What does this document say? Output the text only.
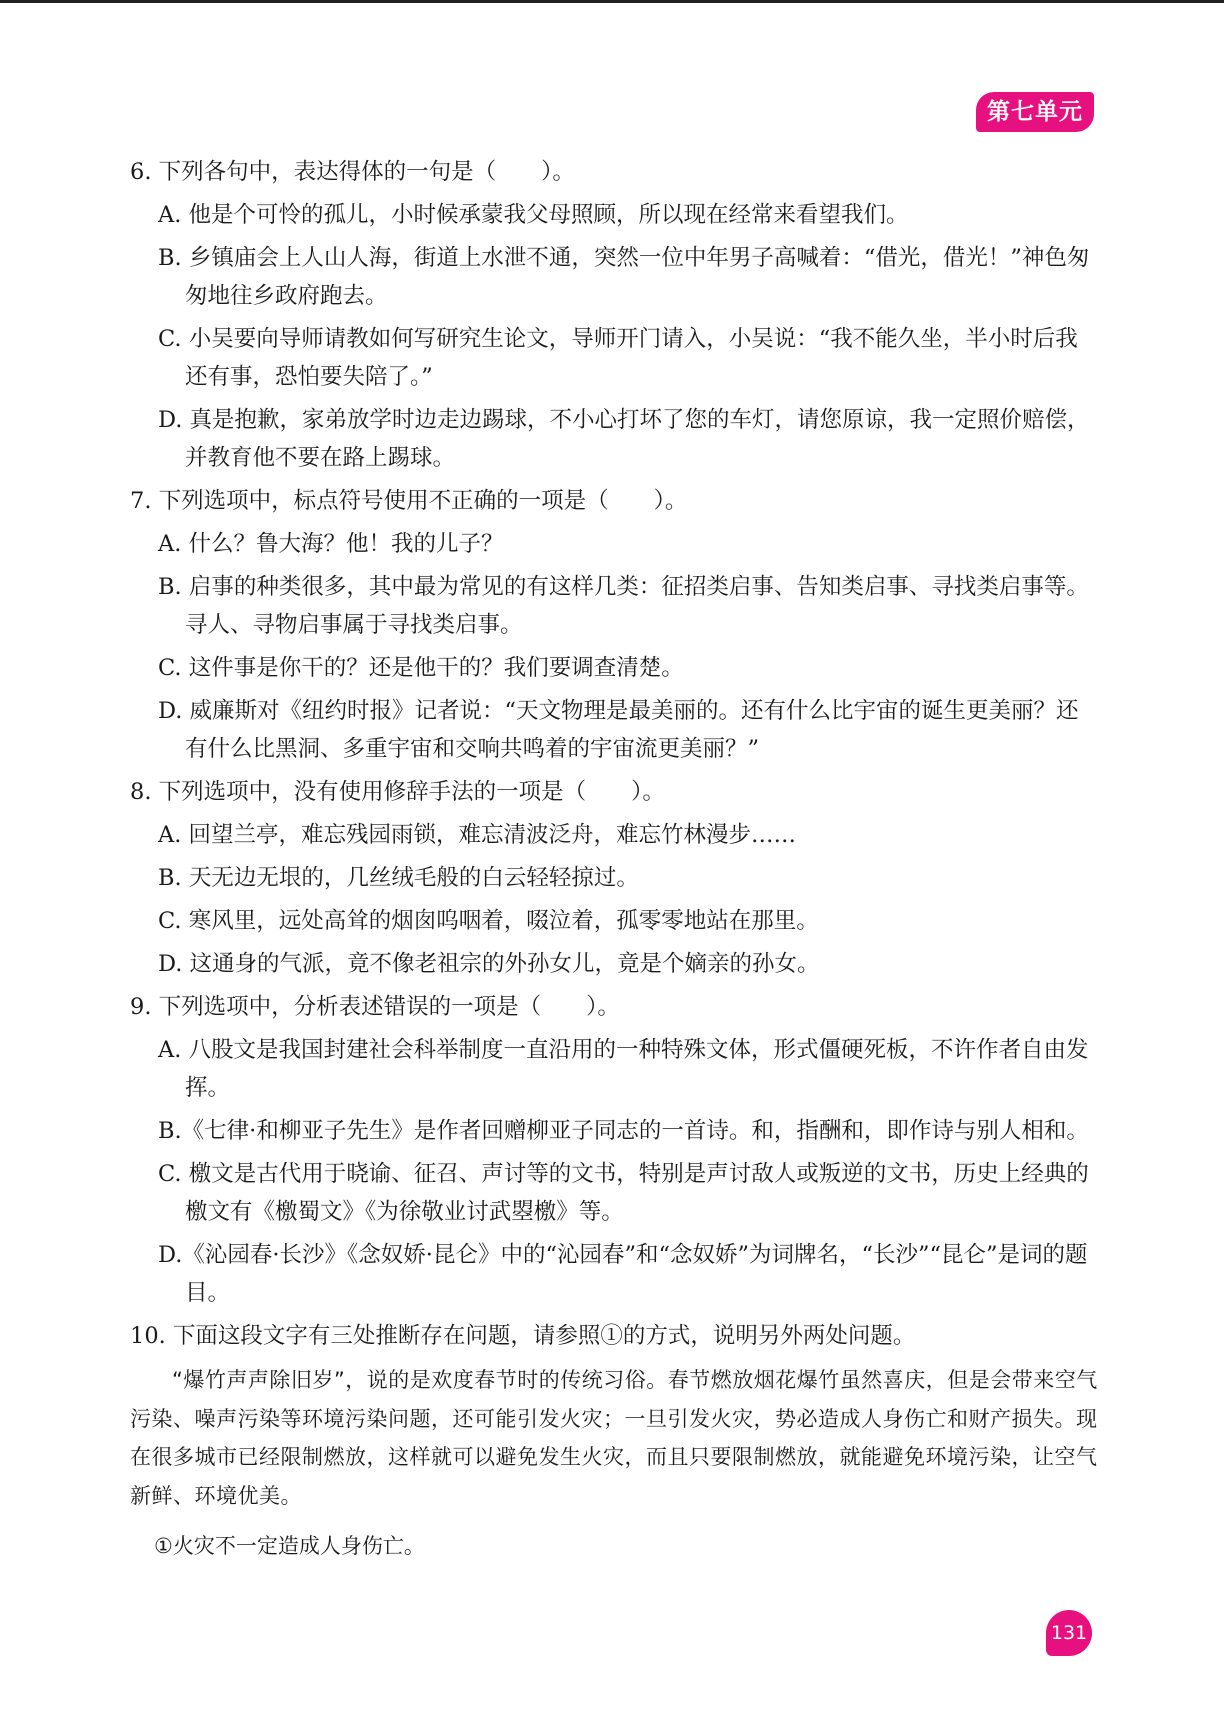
第七单元
6. 下列各句中，表达得体的一句是（　　）。
A. 他是个可怜的孤儿，小时候承蒙我父母照顾，所以现在经常来看望我们。
B. 乡镇庙会上人山人海，街道上水泄不通，突然一位中年男子高喊着：“借光，借光！”神色匆匆地往乡政府跑去。
C. 小吴要向导师请教如何写研究生论文，导师开门请入，小吴说：“我不能久坐，半小时后我还有事，恐怕要失陪了。”
D. 真是抱歉，家弟放学时边走边踢球，不小心打坏了您的车灯，请您原谅，我一定照价赔偿，并教育他不要在路上踢球。
7. 下列选项中，标点符号使用不正确的一项是（　　）。
A. 什么？鲁大海？他！我的儿子？
B. 启事的种类很多，其中最为常见的有这样几类：征招类启事、告知类启事、寻找类启事等。寻人、寻物启事属于寻找类启事。
C. 这件事是你干的？还是他干的？我们要调查清楚。
D. 威廉斯对《纽约时报》记者说：“天文物理是最美丽的。还有什么比宇宙的诞生更美丽？还有什么比黑洞、多重宇宙和交响共鸣着的宇宙流更美丽？”
8. 下列选项中，没有使用修辞手法的一项是（　　）。
A. 回望兰亭，难忘残园雨锁，难忘清波泛舟，难忘竹林漫步……
B. 天无边无垠的，几丝绒毛般的白云轻轻掠过。
C. 寒风里，远处高耸的烟囱呜咽着，啜泣着，孤零零地站在那里。
D. 这通身的气派，竟不像老祖宗的外孙女儿，竟是个嫡亲的孙女。
9. 下列选项中，分析表述错误的一项是（　　）。
A. 八股文是我国封建社会科举制度一直沿用的一种特殊文体，形式僵硬死板，不许作者自由发挥。
B.《七律·和柳亚子先生》是作者回赠柳亚子同志的一首诗。和，指酬和，即作诗与别人相和。
C. 檄文是古代用于晓谕、征召、声讨等的文书，特别是声讨敌人或叛逆的文书，历史上经典的檄文有《檄蜀文》《为徐敬业讨武曌檄》等。
D.《沁园春·长沙》《念奴娇·昆仑》中的“沁园春”和“念奴娇”为词牌名，“长沙”“昆仑”是词的题目。
10. 下面这段文字有三处推断存在问题，请参照①的方式，说明另外两处问题。
“爆竹声声除旧岁”，说的是欢度春节时的传统习俗。春节燃放烟花爆竹虽然喜庆，但是会带来空气污染、噪声污染等环境污染问题，还可能引发火灾；一旦引发火灾，势必造成人身伤亡和财产损失。现在很多城市已经限制燃放，这样就可以避免发生火灾，而且只要限制燃放，就能避免环境污染，让空气新鲜、环境优美。
①火灾不一定造成人身伤亡。
131
